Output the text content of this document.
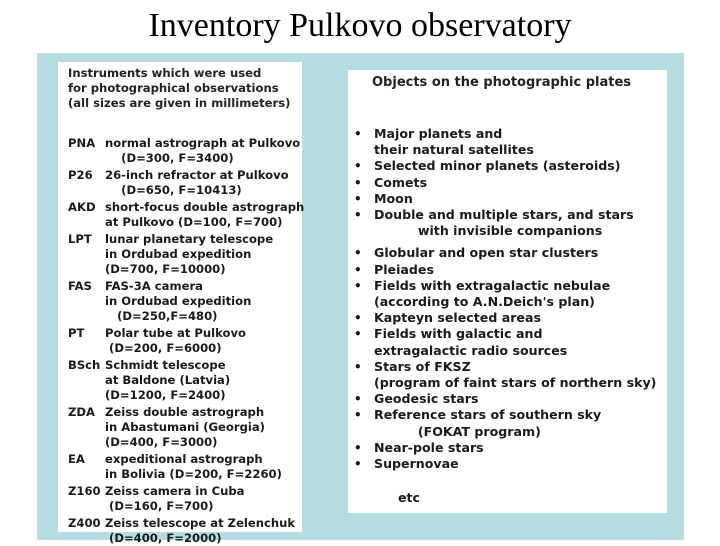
Inventory Pulkovo observatory
Instruments which were used
for photographical observations
(all sizes are given in millimeters)
PNA normal astrograph at Pulkovo
(D=300, F=3400)
P26 26-inch refractor at Pulkovo
(D=650, F=10413)
AKD short-focus double astrograph
at Pulkovo (D=100, F=700)
LPT lunar planetary telescope
in Ordubad expedition
(D=700, F=10000)
FAS FAS-3A camera
in Ordubad expedition
(D=250,F=480)
PT Polar tube at Pulkovo
(D=200, F=6000)
BSch Schmidt telescope
at Baldone (Latvia)
(D=1200, F=2400)
ZDA Zeiss double astrograph
in Abastumani (Georgia)
(D=400, F=3000)
EA expeditional astrograph
in Bolivia (D=200, F=2260)
Z160 Zeiss camera in Cuba
(D=160, F=700)
Z400 Zeiss telescope at Zelenchuk
(D=400, F=2000)
Objects on the photographic plates
• Major planets and
their natural satellites
• Selected minor planets (asteroids)
• Comets
• Moon
• Double and multiple stars, and stars
with invisible companions
• Globular and open star clusters
• Pleiades
• Fields with extragalactic nebulae
(according to A.N.Deich's plan)
• Kapteyn selected areas
• Fields with galactic and
extragalactic radio sources
• Stars of FKSZ
(program of faint stars of northern sky)
• Geodesic stars
• Reference stars of southern sky
(FOKAT program)
• Near-pole stars
• Supernovae
etc
